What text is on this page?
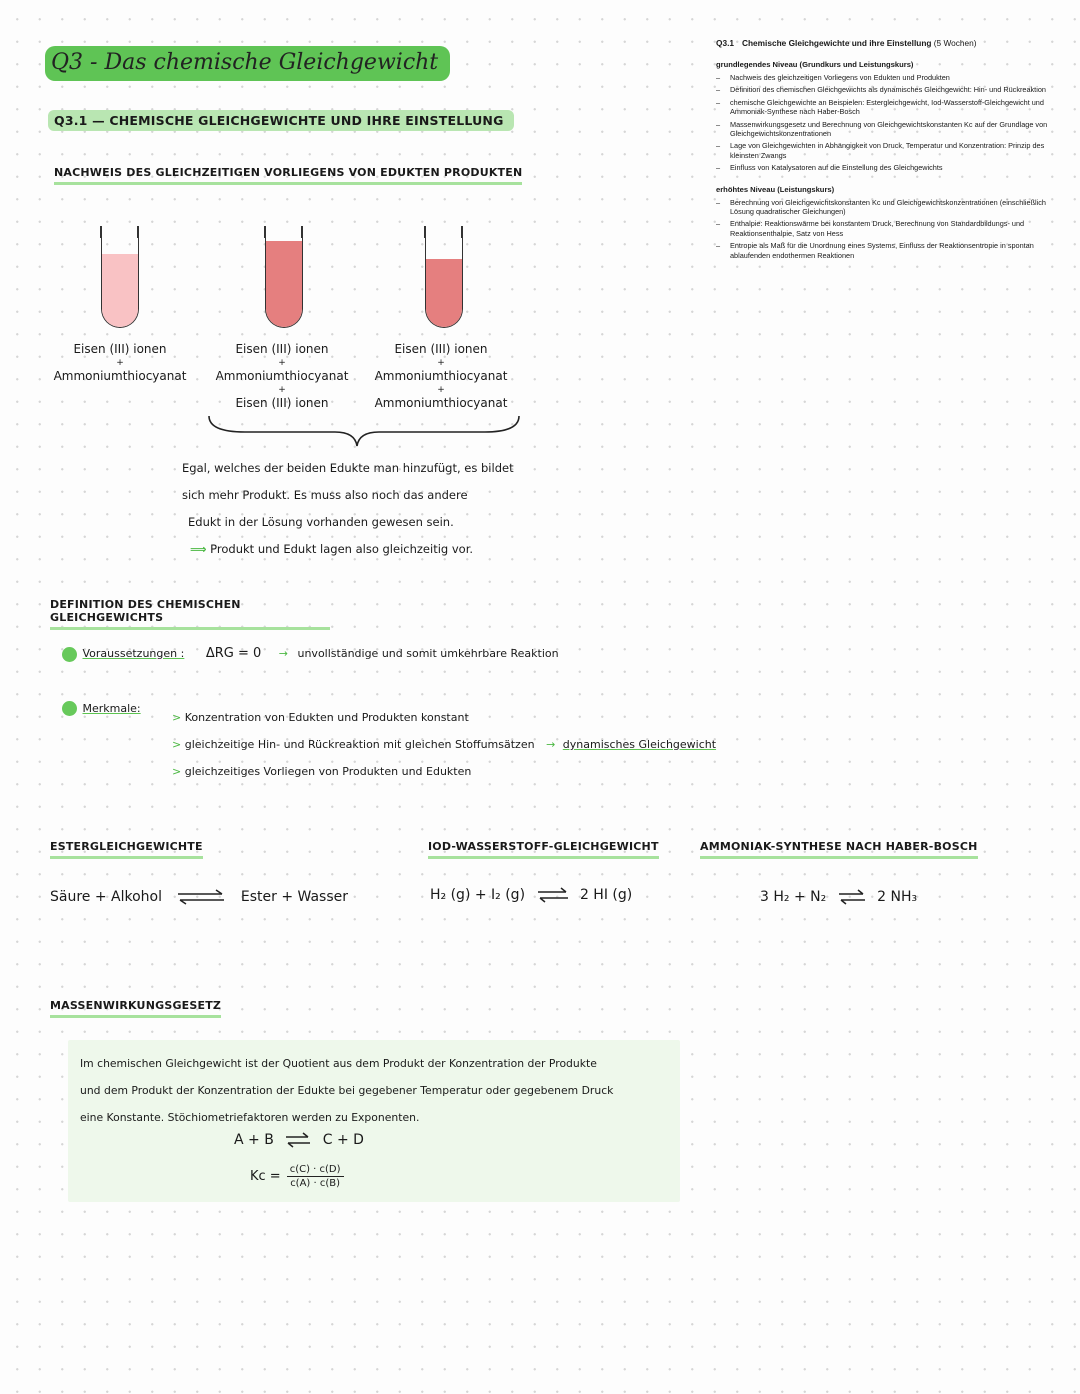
Q3 - Das chemische Gleichgewicht
Q3.1 — CHEMISCHE GLEICHGEWICHTE UND IHRE EINSTELLUNG
NACHWEIS DES GLEICHZEITIGEN VORLIEGENS VON EDUKTEN PRODUKTEN
Eisen (III) ionen
+
Ammoniumthiocyanat
Eisen (III) ionen
+
Ammoniumthiocyanat
+
Eisen (III) ionen
Eisen (III) ionen
+
Ammoniumthiocyanat
+
Ammoniumthiocyanat
Egal, welches der beiden Edukte man hinzufügt, es bildet
sich mehr Produkt. Es muss also noch das andere
Edukt in der Lösung vorhanden gewesen sein.
⟹ Produkt und Edukt lagen also gleichzeitig vor.
DEFINITION DES CHEMISCHEN GLEICHGEWICHTS
Voraussetzungen : ΔRG = 0 → unvollständige und somit umkehrbare Reaktion
Merkmale:
> Konzentration von Edukten und Produkten konstant
> gleichzeitige Hin- und Rückreaktion mit gleichen Stoffumsätzen → dynamisches Gleichgewicht
> gleichzeitiges Vorliegen von Produkten und Edukten
ESTERGLEICHGEWICHTE	IOD-WASSERSTOFF-GLEICHGEWICHT	AMMONIAK-SYNTHESE NACH HABER-BOSCH
Säure + Alkohol ⇌ Ester + Wasser	H₂ (g) + I₂ (g) ⇌ 2 HI (g)	3 H₂ + N₂ ⇌ 2 NH₃
MASSENWIRKUNGSGESETZ
Im chemischen Gleichgewicht ist der Quotient aus dem Produkt der Konzentration der Produkte
und dem Produkt der Konzentration der Edukte bei gegebener Temperatur oder gegebenem Druck
eine Konstante. Stöchiometriefaktoren werden zu Exponenten.
A + B ⇌ C + D
$Kc = \frac{c(C) \cdot c(D)}{c(A) \cdot c(B)}$
Q3.1 Chemische Gleichgewichte und ihre Einstellung (5 Wochen)
grundlegendes Niveau (Grundkurs und Leistungskurs)
– Nachweis des gleichzeitigen Vorliegens von Edukten und Produkten
– Definition des chemischen Gleichgewichts als dynamisches Gleichgewicht: Hin- und Rückreaktion
– chemische Gleichgewichte an Beispielen: Estergleichgewicht, Iod-Wasserstoff-Gleichgewicht und Ammoniak-Synthese nach Haber-Bosch
– Massenwirkungsgesetz und Berechnung von Gleichgewichtskonstanten Kc auf der Grundlage von Gleichgewichtskonzentrationen
– Lage von Gleichgewichten in Abhängigkeit von Druck, Temperatur und Konzentration: Prinzip des kleinsten Zwangs
– Einfluss von Katalysatoren auf die Einstellung des Gleichgewichts
erhöhtes Niveau (Leistungskurs)
– Berechnung von Gleichgewichtskonstanten Kc und Gleichgewichtskonzentrationen (einschließlich Lösung quadratischer Gleichungen)
– Enthalpie: Reaktionswärme bei konstantem Druck, Berechnung von Standardbildungs- und Reaktionsenthalpie, Satz von Hess
– Entropie als Maß für die Unordnung eines Systems, Einfluss der Reaktionsentropie in spontan ablaufenden endothermen Reaktionen
